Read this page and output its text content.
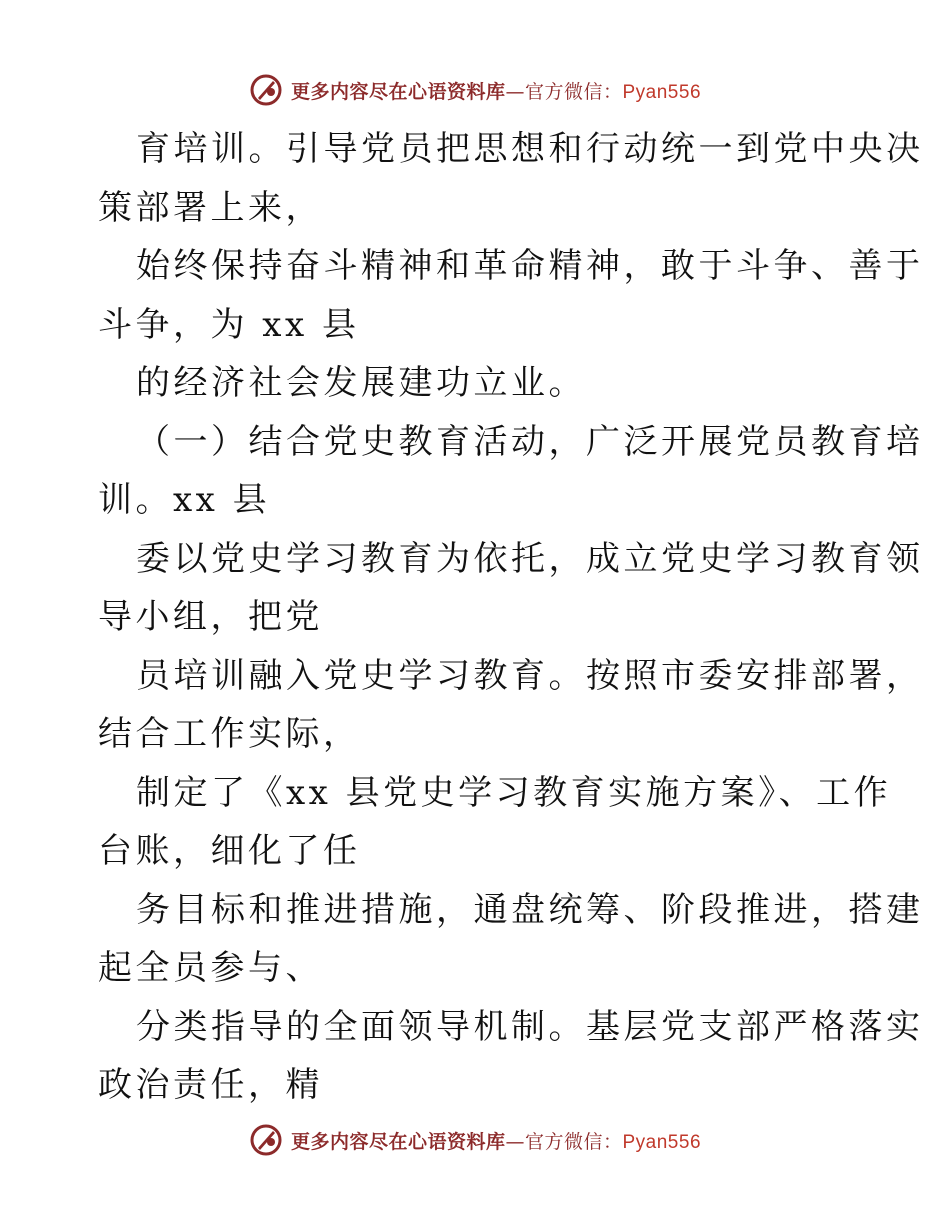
更多内容尽在心语资料库—官方微信：Pyan556
育培训。引导党员把思想和行动统一到党中央决
策部署上来，
始终保持奋斗精神和革命精神，敢于斗争、善于
斗争，为 xx 县
的经济社会发展建功立业。
（一）结合党史教育活动，广泛开展党员教育培
训。xx 县
委以党史学习教育为依托，成立党史学习教育领
导小组，把党
员培训融入党史学习教育。按照市委安排部署，
结合工作实际，
制定了《xx 县党史学习教育实施方案》、工作
台账，细化了任
务目标和推进措施，通盘统筹、阶段推进，搭建
起全员参与、
分类指导的全面领导机制。基层党支部严格落实
政治责任，精
更多内容尽在心语资料库—官方微信：Pyan556
